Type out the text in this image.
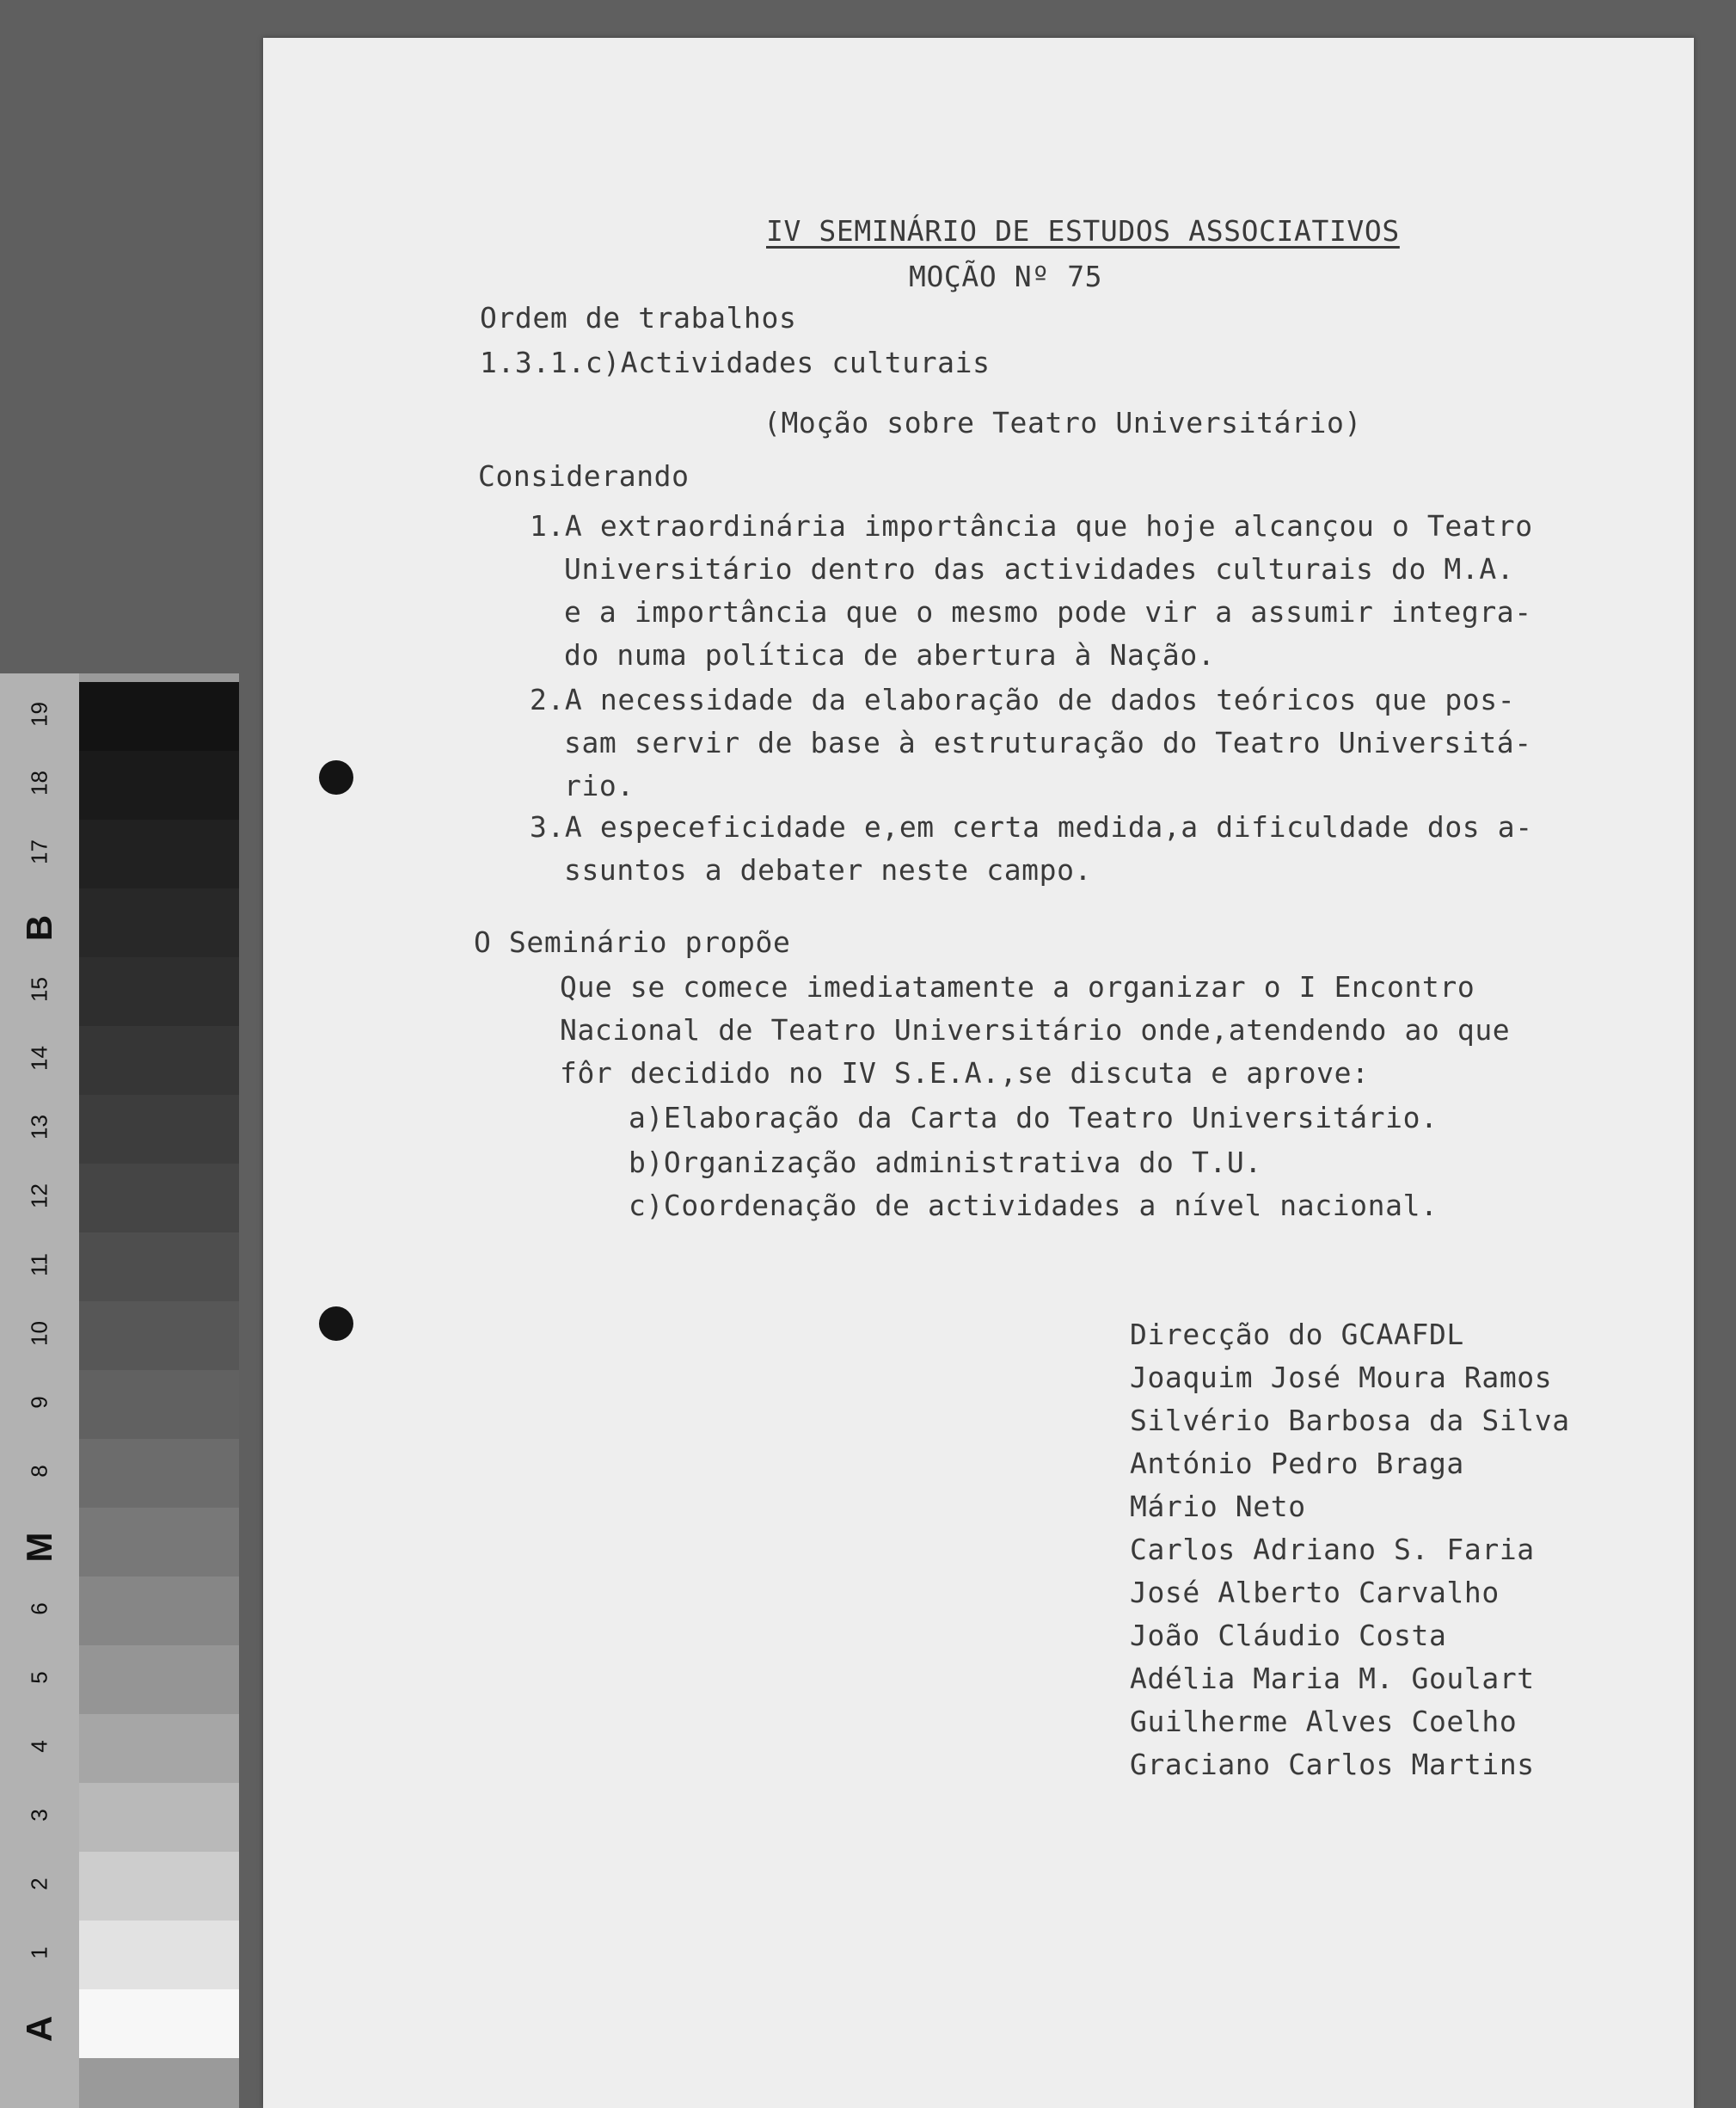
IV SEMINÁRIO DE ESTUDOS ASSOCIATIVOS
MOÇÃO Nº 75
Ordem de trabalhos
1.3.1.c)Actividades culturais
(Moção sobre Teatro Universitário)
Considerando
1.A extraordinária importância que hoje alcançou o Teatro
Universitário dentro das actividades culturais do M.A.
e a importância que o mesmo pode vir a assumir integra-
do numa política de abertura à Nação.
2.A necessidade da elaboração de dados teóricos que pos-
sam servir de base à estruturação do Teatro Universitá-
rio.
3.A especeficidade e,em certa medida,a dificuldade dos a-
ssuntos a debater neste campo.
O Seminário propõe
Que se comece imediatamente a organizar o I Encontro
Nacional de Teatro Universitário onde,atendendo ao que
fôr decidido no IV S.E.A.,se discuta e aprove:
a)Elaboração da Carta do Teatro Universitário.
b)Organização administrativa do T.U.
c)Coordenação de actividades a nível nacional.
Direcção do GCAAFDL
Joaquim José Moura Ramos
Silvério Barbosa da Silva
António Pedro Braga
Mário Neto
Carlos Adriano S. Faria
José Alberto Carvalho
João Cláudio Costa
Adélia Maria M. Goulart
Guilherme Alves Coelho
Graciano Carlos Martins
19
18
17
B
15
14
13
12
11
10
9
8
M
6
5
4
3
2
1
A
